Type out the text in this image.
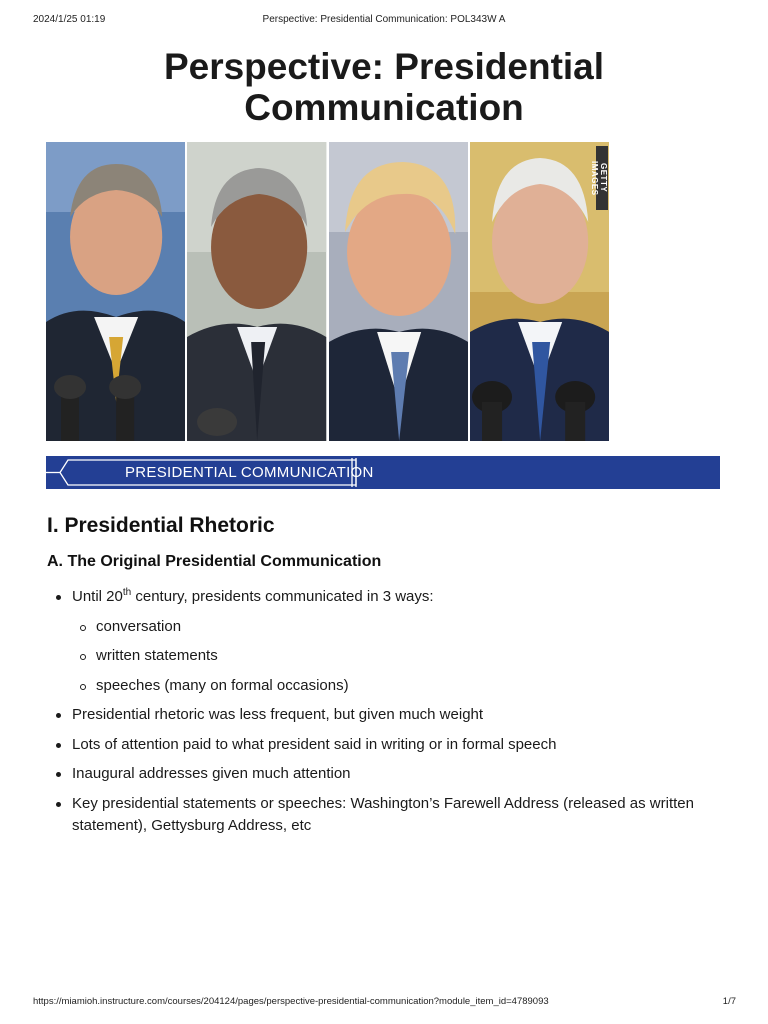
2024/1/25 01:19	Perspective: Presidential Communication: POL343W A
Perspective: Presidential
Communication
GETTY IMAGES
PRESIDENTIAL COMMUNICATION
I. Presidential Rhetoric
A. The Original Presidential Communication
Until 20th century, presidents communicated in 3 ways:
conversation
written statements
speeches (many on formal occasions)
Presidential rhetoric was less frequent, but given much weight
Lots of attention paid to what president said in writing or in formal speech
Inaugural addresses given much attention
Key presidential statements or speeches: Washington’s Farewell Address (released as written statement), Gettysburg Address, etc
https://miamioh.instructure.com/courses/204124/pages/perspective-presidential-communication?module_item_id=4789093	1/7
